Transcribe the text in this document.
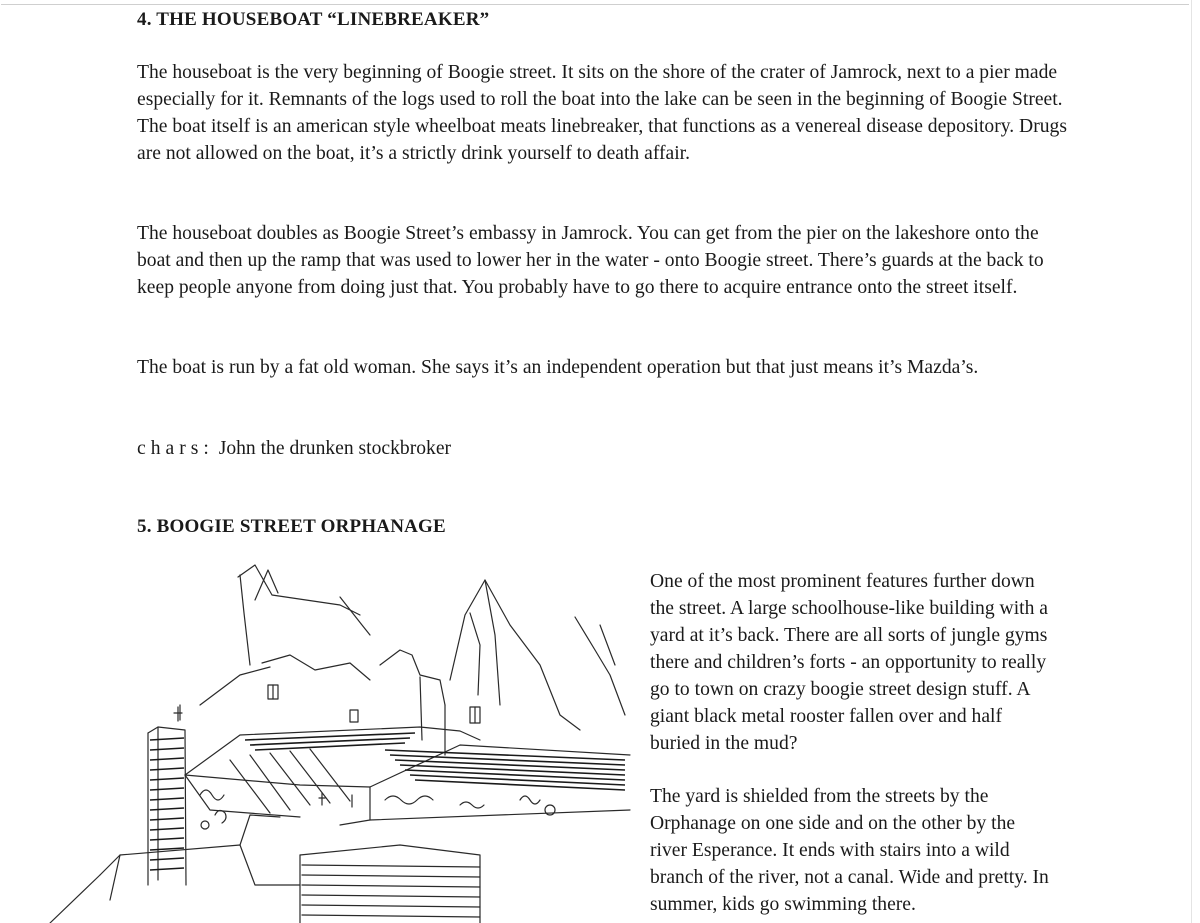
4. THE HOUSEBOAT “LINEBREAKER”

The houseboat is the very beginning of Boogie street. It sits on the shore of the crater of Jamrock, next to a pier made especially for it. Remnants of the logs used to roll the boat into the lake can be seen in the beginning of Boogie Street. The boat itself is an american style wheelboat meats linebreaker, that functions as a venereal disease depository. Drugs are not allowed on the boat, it’s a strictly drink yourself to death affair.

The houseboat doubles as Boogie Street’s embassy in Jamrock. You can get from the pier on the lakeshore onto the boat and then up the ramp that was used to lower her in the water - onto Boogie street. There’s guards at the back to keep people anyone from doing just that. You probably have to go there to acquire entrance onto the street itself.

The boat is run by a fat old woman. She says it’s an independent operation but that just means it’s Mazda’s.

chars: John the drunken stockbroker

5. BOOGIE STREET ORPHANAGE

One of the most prominent features further down the street. A large schoolhouse-like building with a yard at it’s back. There are all sorts of jungle gyms there and children’s forts - an opportunity to really go to town on crazy boogie street design stuff. A giant black metal rooster fallen over and half buried in the mud?

The yard is shielded from the streets by the Orphanage on one side and on the other by the river Esperance. It ends with stairs into a wild branch of the river, not a canal. Wide and pretty. In summer, kids go swimming there.
